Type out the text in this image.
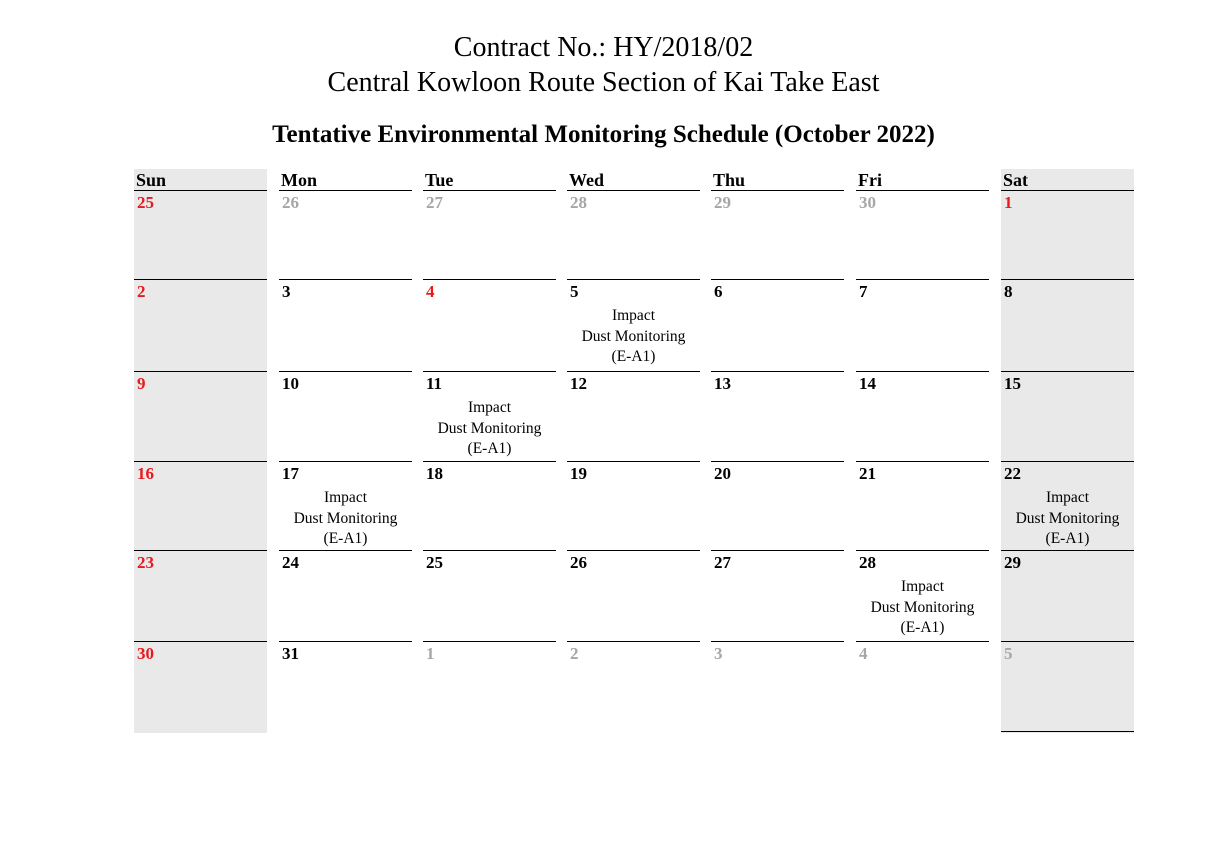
Contract No.: HY/2018/02
Central Kowloon Route Section of Kai Take East
Tentative Environmental Monitoring Schedule (October 2022)
Sun
25
2
9
16
23
30
Mon
26
3
10
17
Impact
Dust Monitoring
(E-A1)
24
31
Tue
27
4
11
Impact
Dust Monitoring
(E-A1)
18
25
1
Wed
28
5
Impact
Dust Monitoring
(E-A1)
12
19
26
2
Thu
29
6
13
20
27
3
Fri
30
7
14
21
28
Impact
Dust Monitoring
(E-A1)
4
Sat
1
8
15
22
Impact
Dust Monitoring
(E-A1)
29
5
